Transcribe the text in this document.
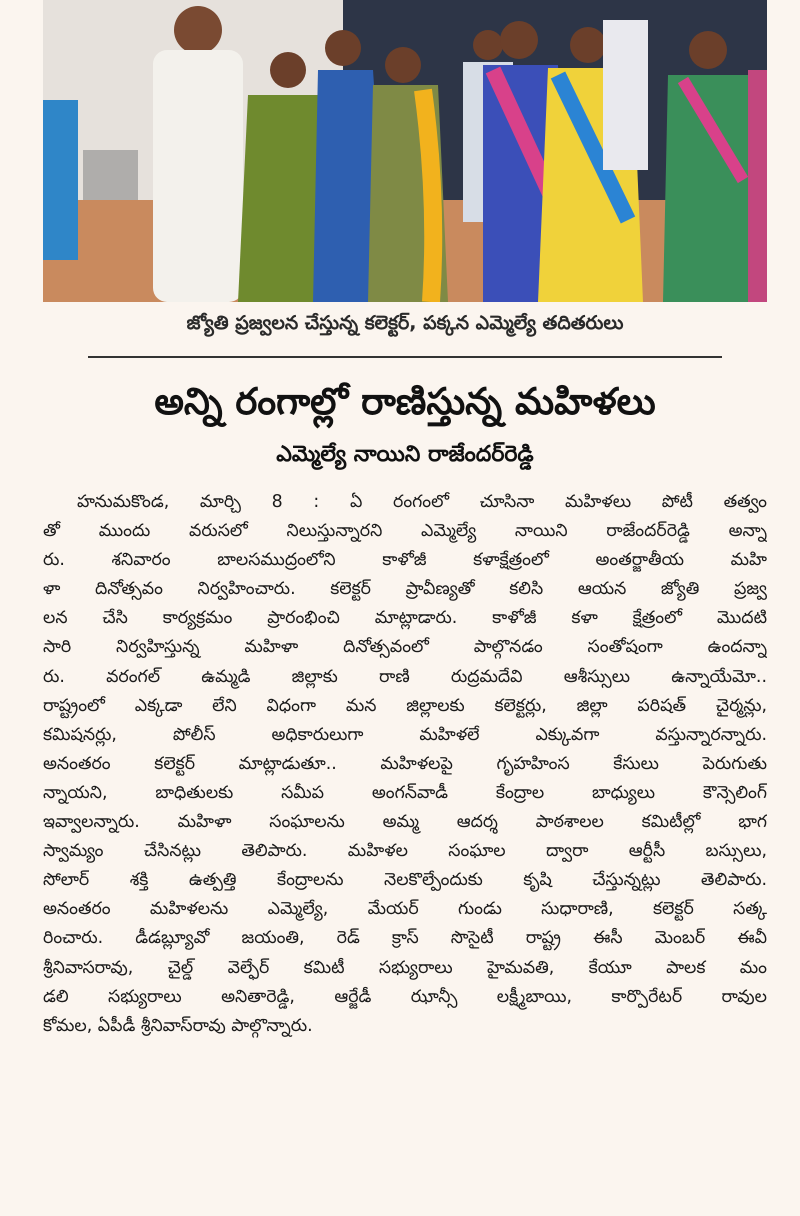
జ్యోతి ప్రజ్వలన చేస్తున్న కలెక్టర్, పక్కన ఎమ్మెల్యే తదితరులు
అన్ని రంగాల్లో రాణిస్తున్న మహిళలు
ఎమ్మెల్యే నాయిని రాజేందర్‌రెడ్డి
హనుమకొండ, మార్చి 8 : ఏ రంగంలో చూసినా మహిళలు పోటీ తత్వం
తో ముందు వరుసలో నిలుస్తున్నారని ఎమ్మెల్యే నాయిని రాజేందర్‌రెడ్డి అన్నా
రు. శనివారం బాలసముద్రంలోని కాళోజీ కళాక్షేత్రంలో అంతర్జాతీయ మహి
ళా దినోత్సవం నిర్వహించారు. కలెక్టర్ ప్రావీణ్యతో కలిసి ఆయన జ్యోతి ప్రజ్వ
లన చేసి కార్యక్రమం ప్రారంభించి మాట్లాడారు. కాళోజీ కళా క్షేత్రంలో మొదటి
సారి నిర్వహిస్తున్న మహిళా దినోత్సవంలో పాల్గొనడం సంతోషంగా ఉందన్నా
రు. వరంగల్ ఉమ్మడి జిల్లాకు రాణి రుద్రమదేవి ఆశీస్సులు ఉన్నాయేమో..
రాష్ట్రంలో ఎక్కడా లేని విధంగా మన జిల్లాలకు కలెక్టర్లు, జిల్లా పరిషత్ చైర్మన్లు,
కమిషనర్లు, పోలీస్ అధికారులుగా మహిళలే ఎక్కువగా వస్తున్నారన్నారు.
అనంతరం కలెక్టర్ మాట్లాడుతూ.. మహిళలపై గృహహింస కేసులు పెరుగుతు
న్నాయని, బాధితులకు సమీప అంగన్‌వాడీ కేంద్రాల బాధ్యులు కౌన్సెలింగ్
ఇవ్వాలన్నారు. మహిళా సంఘాలను అమ్మ ఆదర్శ పాఠశాలల కమిటీల్లో భాగ
స్వామ్యం చేసినట్లు తెలిపారు. మహిళల సంఘాల ద్వారా ఆర్టీసీ బస్సులు,
సోలార్ శక్తి ఉత్పత్తి కేంద్రాలను నెలకొల్పేందుకు కృషి చేస్తున్నట్లు తెలిపారు.
అనంతరం మహిళలను ఎమ్మెల్యే, మేయర్ గుండు సుధారాణి, కలెక్టర్ సత్క
రించారు. డీడబ్ల్యూవో జయంతి, రెడ్ క్రాస్ సొసైటీ రాష్ట్ర ఈసీ మెంబర్ ఈవీ
శ్రీనివాసరావు, చైల్డ్ వెల్ఫేర్ కమిటీ సభ్యురాలు హైమవతి, కేయూ పాలక మం
డలి సభ్యురాలు అనితారెడ్డి, ఆర్జేడీ ఝాన్సీ లక్ష్మీబాయి, కార్పొరేటర్ రావుల
కోమల, ఏపీడీ శ్రీనివాస్‌రావు పాల్గొన్నారు.
